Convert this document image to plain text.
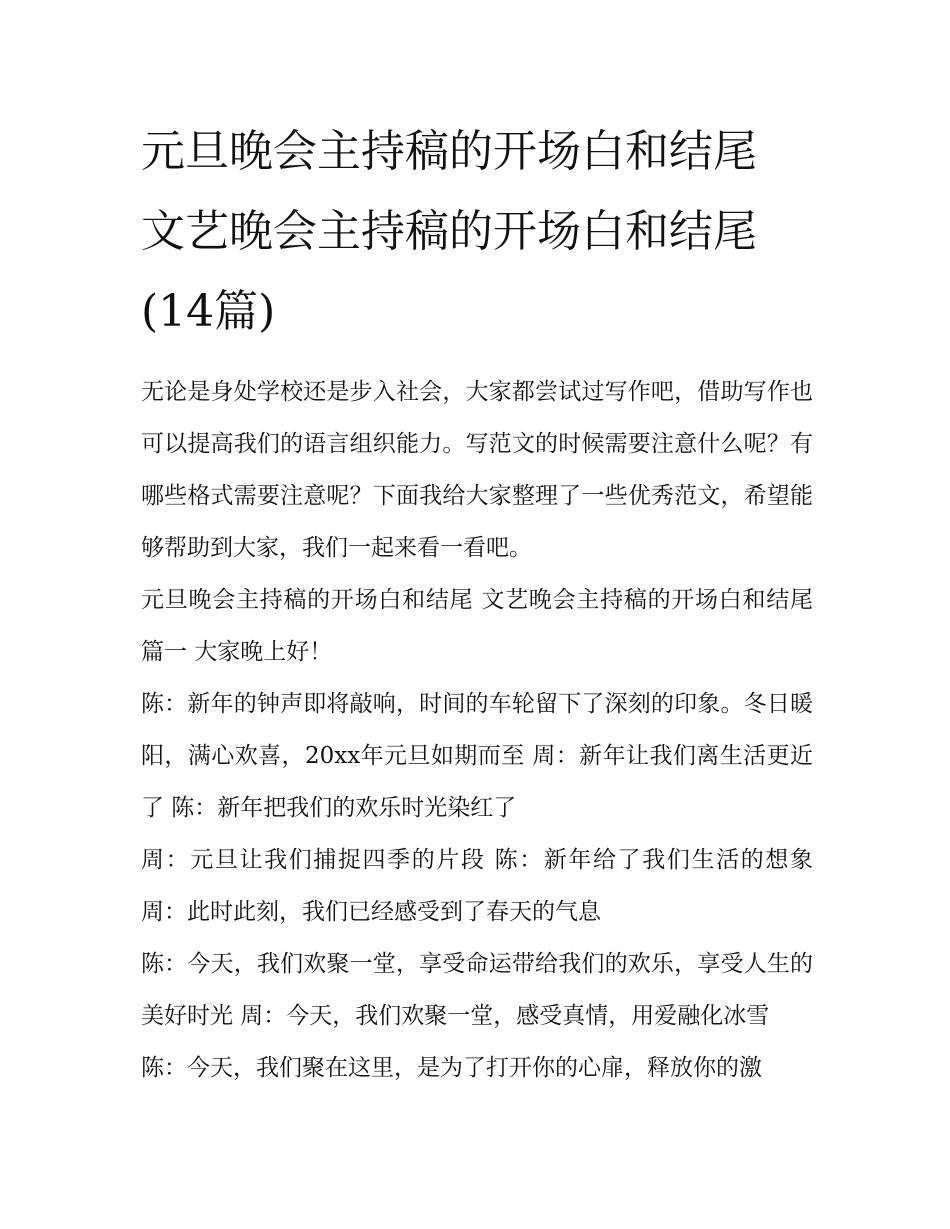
元旦晚会主持稿的开场白和结尾 文艺晚会主持稿的开场白和结尾(14篇)

无论是身处学校还是步入社会，大家都尝试过写作吧，借助写作也可以提高我们的语言组织能力。写范文的时候需要注意什么呢？有哪些格式需要注意呢？下面我给大家整理了一些优秀范文，希望能够帮助到大家，我们一起来看一看吧。

元旦晚会主持稿的开场白和结尾 文艺晚会主持稿的开场白和结尾篇一 大家晚上好！

陈：新年的钟声即将敲响，时间的车轮留下了深刻的印象。冬日暖阳，满心欢喜，20xx年元旦如期而至 周：新年让我们离生活更近了 陈：新年把我们的欢乐时光染红了

周：元旦让我们捕捉四季的片段 陈：新年给了我们生活的想象 周：此时此刻，我们已经感受到了春天的气息

陈：今天，我们欢聚一堂，享受命运带给我们的欢乐，享受人生的美好时光 周：今天，我们欢聚一堂，感受真情，用爱融化冰雪

陈：今天，我们聚在这里，是为了打开你的心扉，释放你的激
